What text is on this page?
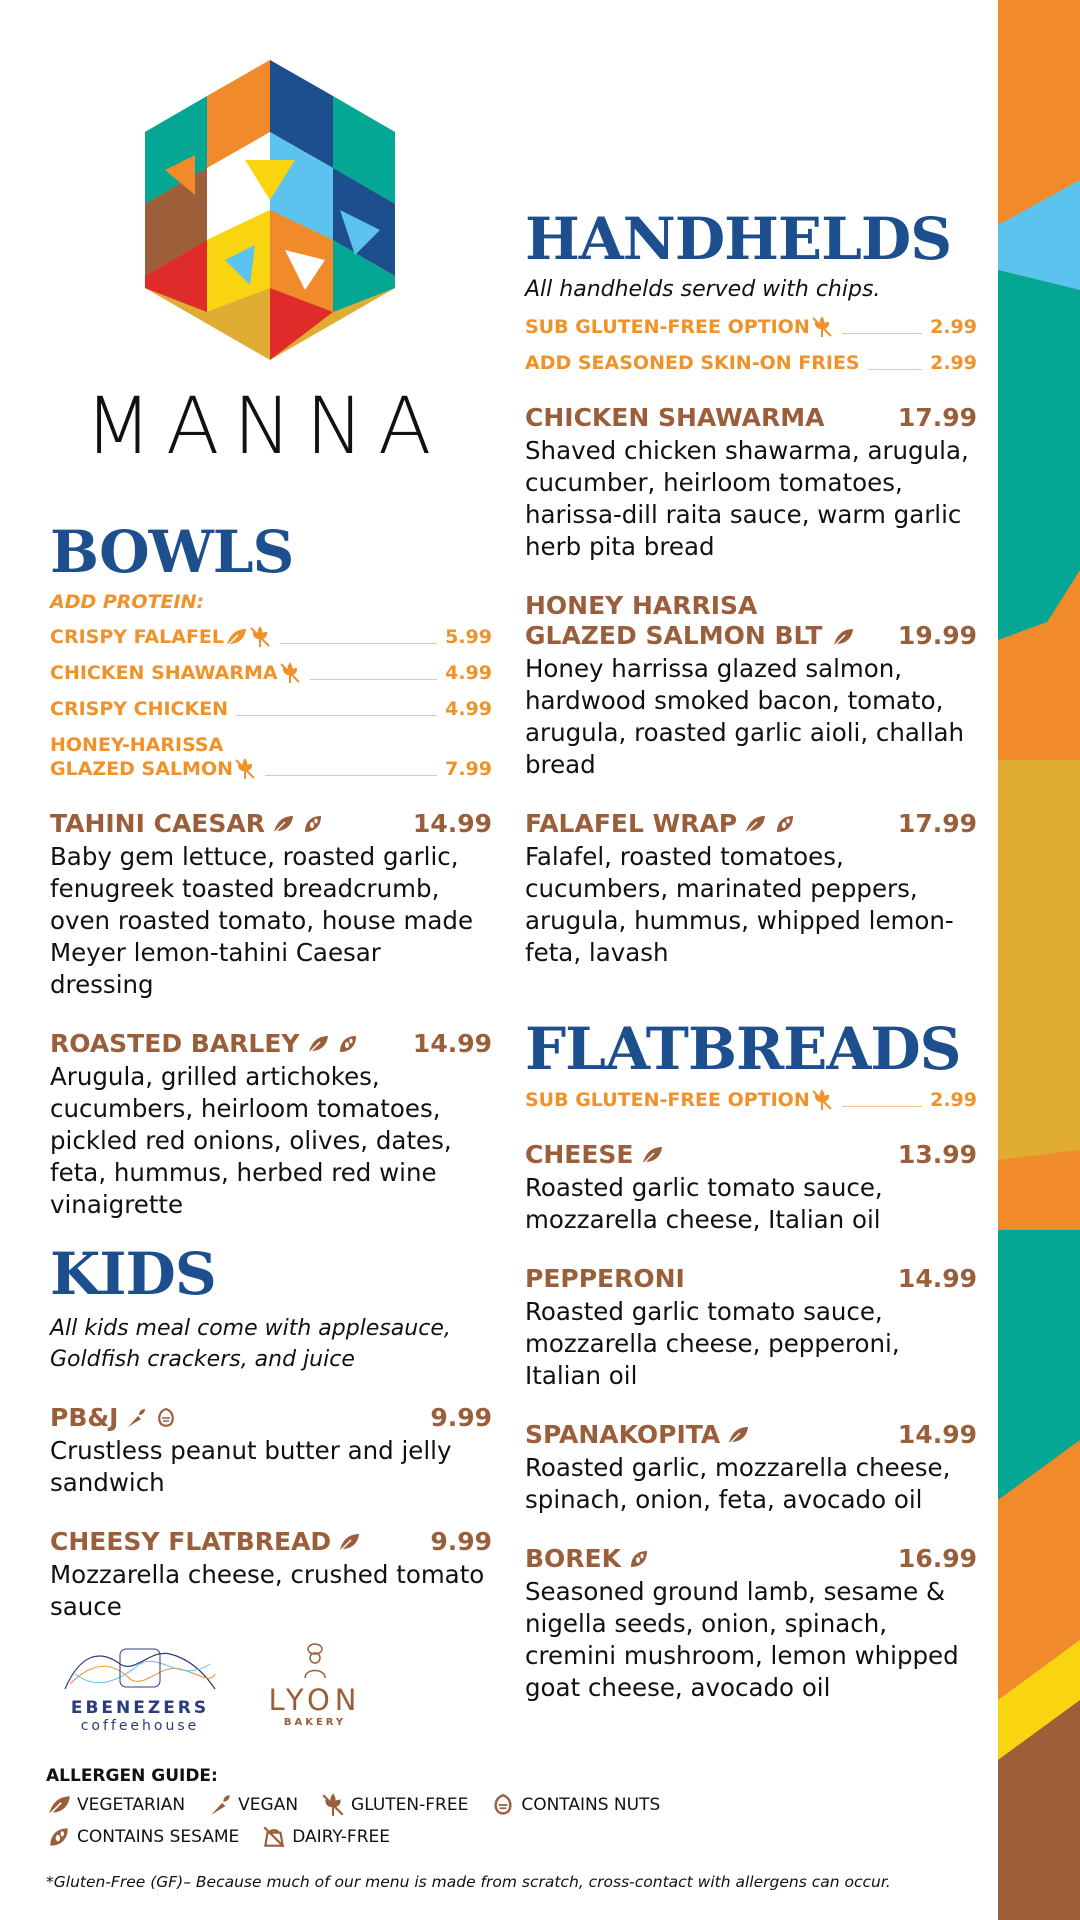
MANNA
BOWLS
ADD PROTEIN:
CRISPY FALAFEL	5.99
CHICKEN SHAWARMA	4.99
CRISPY CHICKEN	4.99
HONEY-HARISSA
GLAZED SALMON	7.99
TAHINI CAESAR	14.99
Baby gem lettuce, roasted garlic, fenugreek toasted breadcrumb, oven roasted tomato, house made Meyer lemon-tahini Caesar dressing
ROASTED BARLEY	14.99
Arugula, grilled artichokes, cucumbers, heirloom tomatoes, pickled red onions, olives, dates, feta, hummus, herbed red wine vinaigrette
KIDS
All kids meal come with applesauce, Goldfish crackers, and juice
PB&J	9.99
Crustless peanut butter and jelly sandwich
CHEESY FLATBREAD	9.99
Mozzarella cheese, crushed tomato sauce
EBENEZERS
coffeehouse
LYON
BAKERY
HANDHELDS
All handhelds served with chips.
SUB GLUTEN-FREE OPTION	2.99
ADD SEASONED SKIN-ON FRIES	2.99
CHICKEN SHAWARMA	17.99
Shaved chicken shawarma, arugula, cucumber, heirloom tomatoes, harissa-dill raita sauce, warm garlic herb pita bread
HONEY HARRISA
GLAZED SALMON BLT	19.99
Honey harrissa glazed salmon, hardwood smoked bacon, tomato, arugula, roasted garlic aioli, challah bread
FALAFEL WRAP	17.99
Falafel, roasted tomatoes, cucumbers, marinated peppers, arugula, hummus, whipped lemon-feta, lavash
FLATBREADS
SUB GLUTEN-FREE OPTION	2.99
CHEESE	13.99
Roasted garlic tomato sauce, mozzarella cheese, Italian oil
PEPPERONI	14.99
Roasted garlic tomato sauce, mozzarella cheese, pepperoni, Italian oil
SPANAKOPITA	14.99
Roasted garlic, mozzarella cheese, spinach, onion, feta, avocado oil
BOREK	16.99
Seasoned ground lamb, sesame & nigella seeds, onion, spinach, cremini mushroom, lemon whipped goat cheese, avocado oil
ALLERGEN GUIDE:
VEGETARIAN	VEGAN	GLUTEN-FREE	CONTAINS NUTS
CONTAINS SESAME	DAIRY-FREE
*Gluten-Free (GF)– Because much of our menu is made from scratch, cross-contact with allergens can occur.
